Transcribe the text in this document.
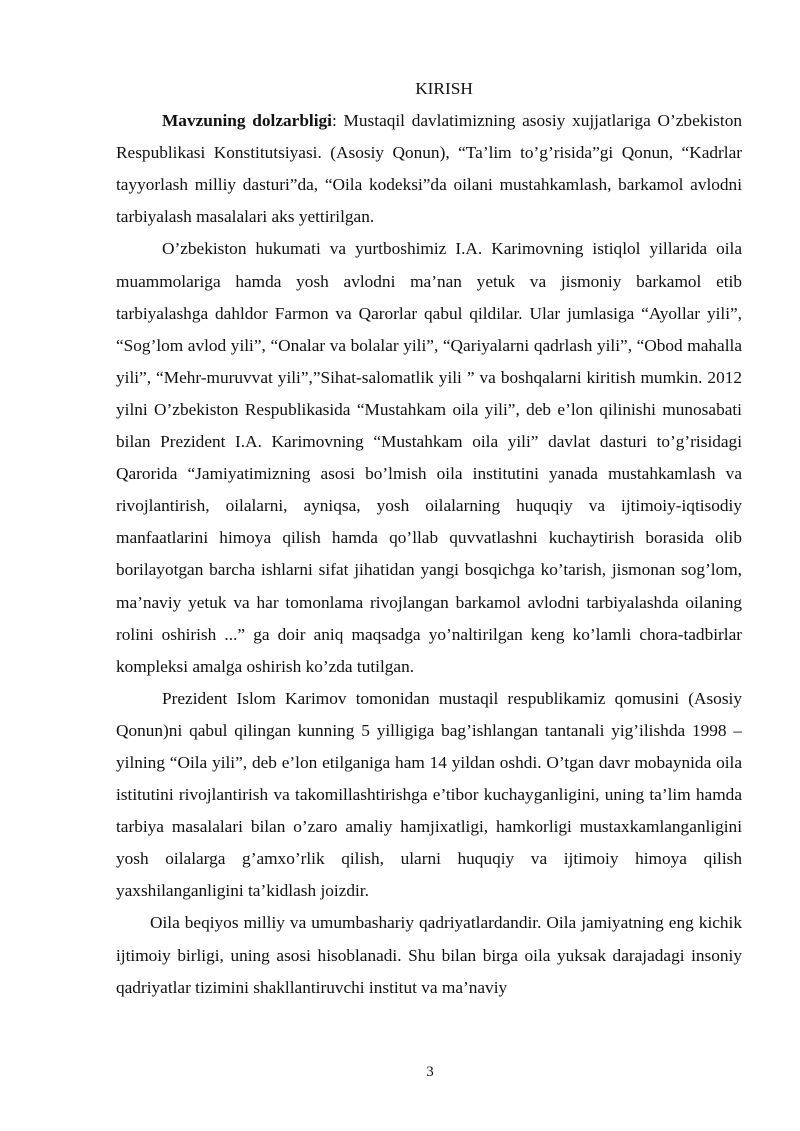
KIRISH

Mavzuning dolzarbligi: Mustaqil davlatimizning asosiy xujjatlariga O’zbekiston Respublikasi Konstitutsiyasi. (Asosiy Qonun), “Ta’lim to’g’risida”gi Qonun, “Kadrlar tayyorlash milliy dasturi”da, “Oila kodeksi”da oilani mustahkamlash, barkamol avlodni tarbiyalash masalalari aks yettirilgan.

O’zbekiston hukumati va yurtboshimiz I.A. Karimovning istiqlol yillarida oila muammolariga hamda yosh avlodni ma’nan yetuk va jismoniy barkamol etib tarbiyalashga dahldor Farmon va Qarorlar qabul qildilar. Ular jumlasiga “Ayollar yili”, “Sog’lom avlod yili”, “Onalar va bolalar yili”, “Qariyalarni qadrlash yili”, “Obod mahalla yili”, “Mehr-muruvvat yili”,”Sihat-salomatlik yili ” va boshqalarni kiritish mumkin. 2012 yilni O’zbekiston Respublikasida “Mustahkam oila yili”, deb e’lon qilinishi munosabati bilan Prezident I.A. Karimovning “Mustahkam oila yili” davlat dasturi to’g’risidagi Qarorida “Jamiyatimizning asosi bo’lmish oila institutini yanada mustahkamlash va rivojlantirish, oilalarni, ayniqsa, yosh oilalarning huquqiy va ijtimoiy-iqtisodiy manfaatlarini himoya qilish hamda qo’llab quvvatlashni kuchaytirish borasida olib borilayotgan barcha ishlarni sifat jihatidan yangi bosqichga ko’tarish, jismonan sog’lom, ma’naviy yetuk va har tomonlama rivojlangan barkamol avlodni tarbiyalashda oilaning rolini oshirish ...” ga doir aniq maqsadga yo’naltirilgan keng ko’lamli chora-tadbirlar kompleksi amalga oshirish ko’zda tutilgan.

Prezident Islom Karimov tomonidan mustaqil respublikamiz qomusini (Asosiy Qonun)ni qabul qilingan kunning 5 yilligiga bag’ishlangan tantanali yig’ilishda 1998 – yilning “Oila yili”, deb e’lon etilganiga ham 14 yildan oshdi. O’tgan davr mobaynida oila istitutini rivojlantirish va takomillashtirishga e’tibor kuchayganligini, uning ta’lim hamda tarbiya masalalari bilan o’zaro amaliy hamjixatligi, hamkorligi mustaxkamlanganligini yosh oilalarga g’amxo’rlik qilish, ularni huquqiy va ijtimoiy himoya qilish yaxshilanganligini ta’kidlash joizdir.

Oila beqiyos milliy va umumbashariy qadriyatlardandir. Oila jamiyatning eng kichik ijtimoiy birligi, uning asosi hisoblanadi. Shu bilan birga oila yuksak darajadagi insoniy qadriyatlar tizimini shakllantiruvchi institut va ma’naviy

3
